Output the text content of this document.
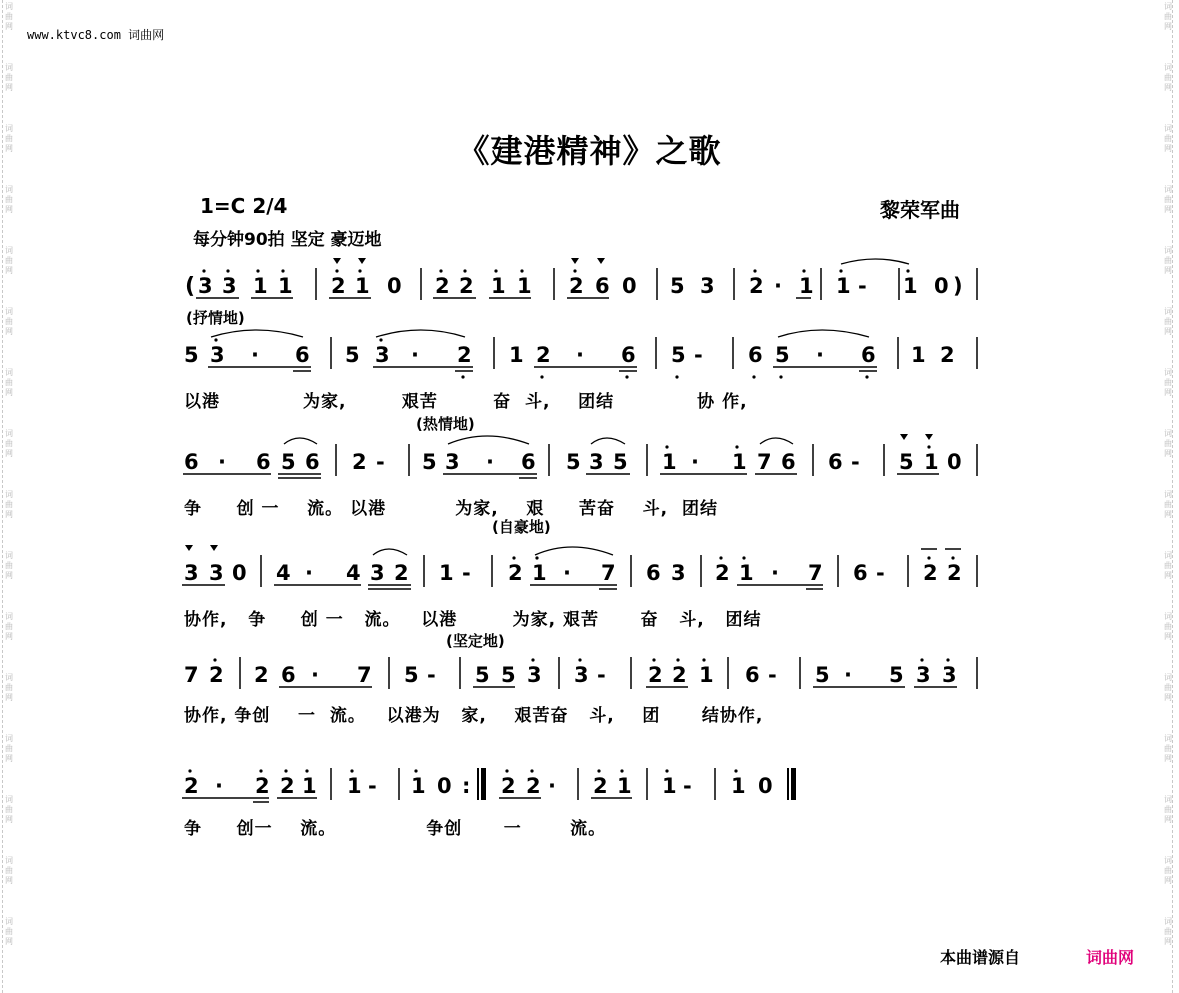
词
曲
网
词
曲
网
词
曲
网
词
曲
网
词
曲
网
词
曲
网
词
曲
网
词
曲
网
词
曲
网
词
曲
网
词
曲
网
词
曲
网
词
曲
网
词
曲
网
词
曲
网
词
曲
网
词
曲
网
词
曲
网
词
曲
网
词
曲
网
词
曲
网
词
曲
网
词
曲
网
词
曲
网
词
曲
网
词
曲
网
词
曲
网
词
曲
网
词
曲
网
词
曲
网
词
曲
网
词
曲
网
www.ktvc8.com 词曲网
《建港精神》之歌
1=C 2/4	黎荣军曲
每分钟90拍 坚定 豪迈地
(抒情地)
(热情地)
(自豪地)
(坚定地)
( 3 3 1 1 2 1 0 2 2 1 1 2 6 0 5 3 2 · 1 1 - 1 0 )
5 3 · 6 5 3 · 2 1 2 · 6 5 - 6 5 · 6 1 2
以港            为家,        艰苦        奋  斗,    团结            协 作,
6 · 6 5 6 2 - 5 3 · 6 5 3 5 1 · 1 7 6 6 - 5 1 0
争     创 一    流。 以港          为家,    艰     苦奋    斗,  团结
3 3 0 4 · 4 3 2 1 - 2 1 · 7 6 3 2 1 · 7 6 - 2 2
协作,   争     创 一   流。   以港        为家, 艰苦      奋   斗,   团结
7 2 2 6 · 7 5 - 5 5 3 3 - 2 2 1 6 - 5 · 5 3 3
协作, 争创    一  流。   以港为   家,    艰苦奋   斗,    团      结协作,
2 · 2 2 1 1 - 1 0 : 2 2 · 2 1 1 - 1 0
争     创一    流。             争创      一       流。
本曲谱源自	词曲网
